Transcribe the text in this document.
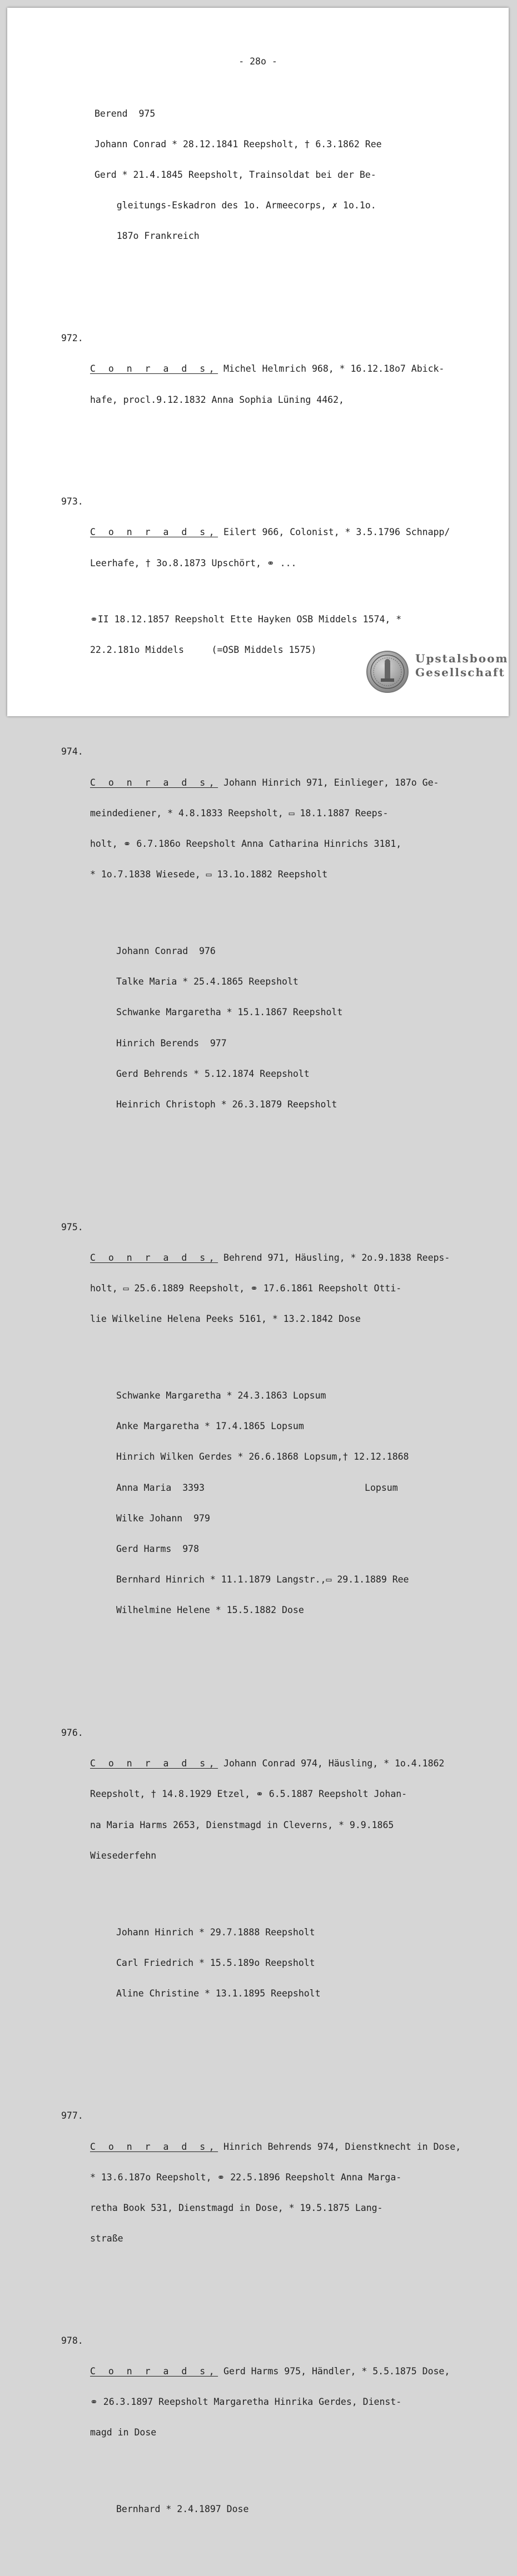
- 28o -

Berend  975

Johann Conrad * 28.12.1841 Reepsholt, † 6.3.1862 Ree

Gerd * 21.4.1845 Reepsholt, Trainsoldat bei der Be-

gleitungs-Eskadron des 1o. Armeecorps, ✗ 1o.1o.

187o Frankreich

972.

C o n r a d s, Michel Helmrich 968, * 16.12.18o7 Abick-

hafe, procl.9.12.1832 Anna Sophia Lüning 4462,

973.

C o n r a d s, Eilert 966, Colonist, * 3.5.1796 Schnapp/

Leerhafe, † 3o.8.1873 Upschört, ⚭ ...

⚭II 18.12.1857 Reepsholt Ette Hayken OSB Middels 1574, *

22.2.181o Middels     (=OSB Middels 1575)

974.

C o n r a d s, Johann Hinrich 971, Einlieger, 187o Ge-

meindediener, * 4.8.1833 Reepsholt, ▭ 18.1.1887 Reeps-

holt, ⚭ 6.7.186o Reepsholt Anna Catharina Hinrichs 3181,

* 1o.7.1838 Wiesede, ▭ 13.1o.1882 Reepsholt

Johann Conrad  976

Talke Maria * 25.4.1865 Reepsholt

Schwanke Margaretha * 15.1.1867 Reepsholt

Hinrich Berends  977

Gerd Behrends * 5.12.1874 Reepsholt

Heinrich Christoph * 26.3.1879 Reepsholt

975.

C o n r a d s, Behrend 971, Häusling, * 2o.9.1838 Reeps-

holt, ▭ 25.6.1889 Reepsholt, ⚭ 17.6.1861 Reepsholt Otti-

lie Wilkeline Helena Peeks 5161, * 13.2.1842 Dose

Schwanke Margaretha * 24.3.1863 Lopsum

Anke Margaretha * 17.4.1865 Lopsum

Hinrich Wilken Gerdes * 26.6.1868 Lopsum,† 12.12.1868

Anna Maria  3393                             Lopsum

Wilke Johann  979

Gerd Harms  978

Bernhard Hinrich * 11.1.1879 Langstr.,▭ 29.1.1889 Ree

Wilhelmine Helene * 15.5.1882 Dose

976.

C o n r a d s, Johann Conrad 974, Häusling, * 1o.4.1862

Reepsholt, † 14.8.1929 Etzel, ⚭ 6.5.1887 Reepsholt Johan-

na Maria Harms 2653, Dienstmagd in Cleverns, * 9.9.1865

Wiesederfehn

Johann Hinrich * 29.7.1888 Reepsholt

Carl Friedrich * 15.5.189o Reepsholt

Aline Christine * 13.1.1895 Reepsholt

977.

C o n r a d s, Hinrich Behrends 974, Dienstknecht in Dose,

* 13.6.187o Reepsholt, ⚭ 22.5.1896 Reepsholt Anna Marga-

retha Book 531, Dienstmagd in Dose, * 19.5.1875 Lang-

straße

978.

C o n r a d s, Gerd Harms 975, Händler, * 5.5.1875 Dose,

⚭ 26.3.1897 Reepsholt Margaretha Hinrika Gerdes, Dienst-

magd in Dose

Bernhard * 2.4.1897 Dose

Upstalsboom
Gesellschaft
